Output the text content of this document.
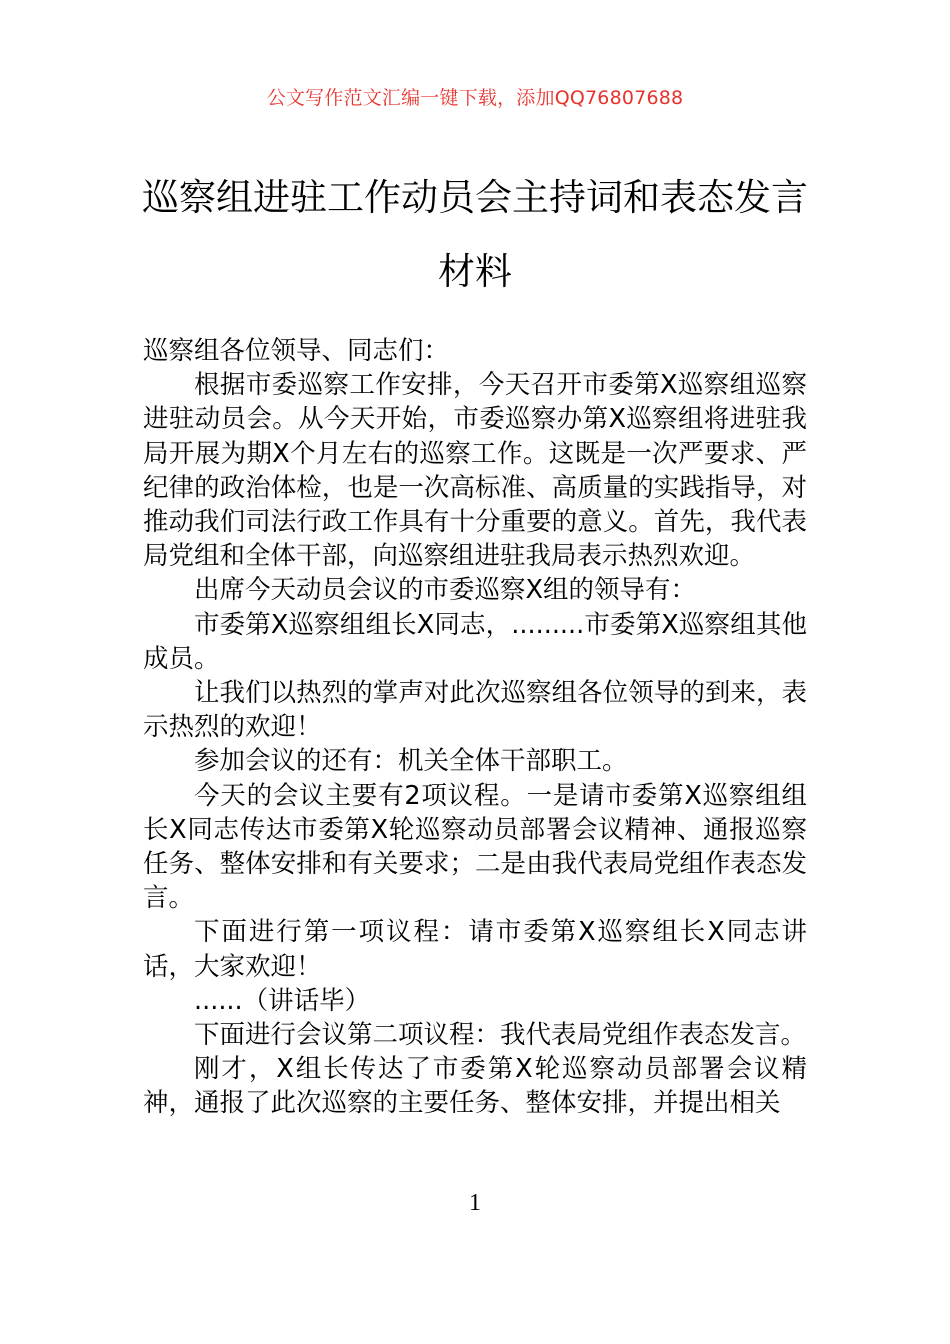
公文写作范文汇编一键下载，添加QQ76807688
巡察组进驻工作动员会主持词和表态发言
材料

巡察组各位领导、同志们：

根据市委巡察工作安排，今天召开市委第X巡察组巡察进驻动员会。从今天开始，市委巡察办第X巡察组将进驻我局开展为期X个月左右的巡察工作。这既是一次严要求、严纪律的政治体检，也是一次高标准、高质量的实践指导，对推动我们司法行政工作具有十分重要的意义。首先，我代表局党组和全体干部，向巡察组进驻我局表示热烈欢迎。

出席今天动员会议的市委巡察X组的领导有：

市委第X巡察组组长X同志，.........市委第X巡察组其他成员。

让我们以热烈的掌声对此次巡察组各位领导的到来，表示热烈的欢迎！

参加会议的还有：机关全体干部职工。

今天的会议主要有2项议程。一是请市委第X巡察组组长X同志传达市委第X轮巡察动员部署会议精神、通报巡察任务、整体安排和有关要求；二是由我代表局党组作表态发言。

下面进行第一项议程：请市委第X巡察组长X同志讲话，大家欢迎！

......（讲话毕）

下面进行会议第二项议程：我代表局党组作表态发言。

刚才，X组长传达了市委第X轮巡察动员部署会议精神，通报了此次巡察的主要任务、整体安排，并提出相关

1
